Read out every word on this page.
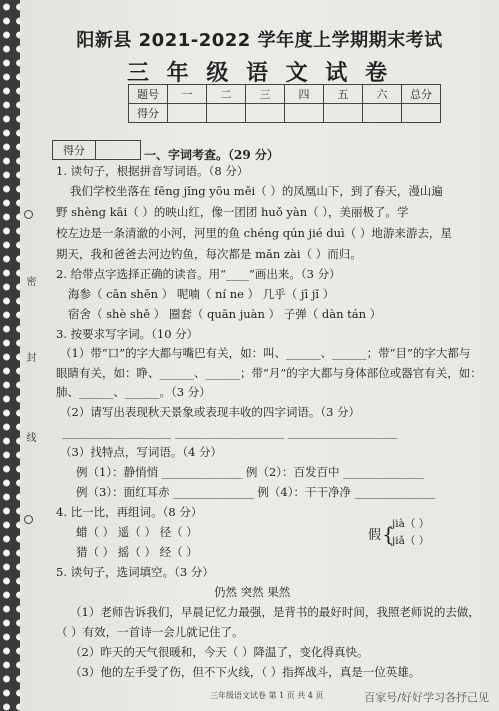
密
封
线
阳新县 2021-2022 学年度上学期期末考试
三 年 级 语 文 试 卷
题号	一	二	三	四	五	六	总分
得分							
得分		一、字词考查。（29 分）
1. 读句子，根据拼音写词语。（8 分）
我们学校坐落在 fēng jǐng yōu měi（ ）的凤凰山下，到了春天，漫山遍
野 shèng kāi（ ）的映山红，像一团团 huǒ yàn（ ），美丽极了。学
校左边是一条清澈的小河，河里的鱼 chéng qún jié duì（ ）地游来游去，星
期天，我和爸爸去河边钓鱼，每次都是 mǎn zài（ ）而归。
2. 给带点字选择正确的读音。用“____”画出来。（3 分）
海参（ cān shēn ） 呢喃（ ní ne ） 几乎（ jī jǐ ）
宿舍（ shè shě ） 圈套（ quān juàn ） 子弹（ dàn tán ）
3. 按要求写字词。（10 分）
（1）带“口”的字大都与嘴巴有关，如：叫、______、______；带“目”的字大都与
眼睛有关，如：睁、______、______；带“月”的字大都与身体部位或器官有关，如：
肺、______、______。（3 分）
（2）请写出表现秋天景象或表现丰收的四字词语。（3 分）
___________________ ___________________ ___________________
（3）找特点，写词语。（4 分）
例（1）：静悄悄 ______________ 例（2）：百发百中 ______________
例（3）：面红耳赤 ______________ 例（4）：干干净净 ______________
4. 比一比，再组词。（8 分）
蜡（ ） 遥（ ） 径（ ）
猎（ ） 摇（ ） 经（ ）
假 {
jià（ ）
jiǎ（ ）
5. 读句子，选词填空。（3 分）
仍然 突然 果然
（1）老师告诉我们，早晨记忆力最强，是背书的最好时间，我照老师说的去做，
（ ）有效，一首诗一会儿就记住了。
（2）昨天的天气很暖和，今天（ ）降温了，变化得真快。
（3）他的左手受了伤，但不下火线，（ ）指挥战斗，真是一位英雄。
三年级语文试卷 第 1 页 共 4 页	百家号/好好学习各抒己见
